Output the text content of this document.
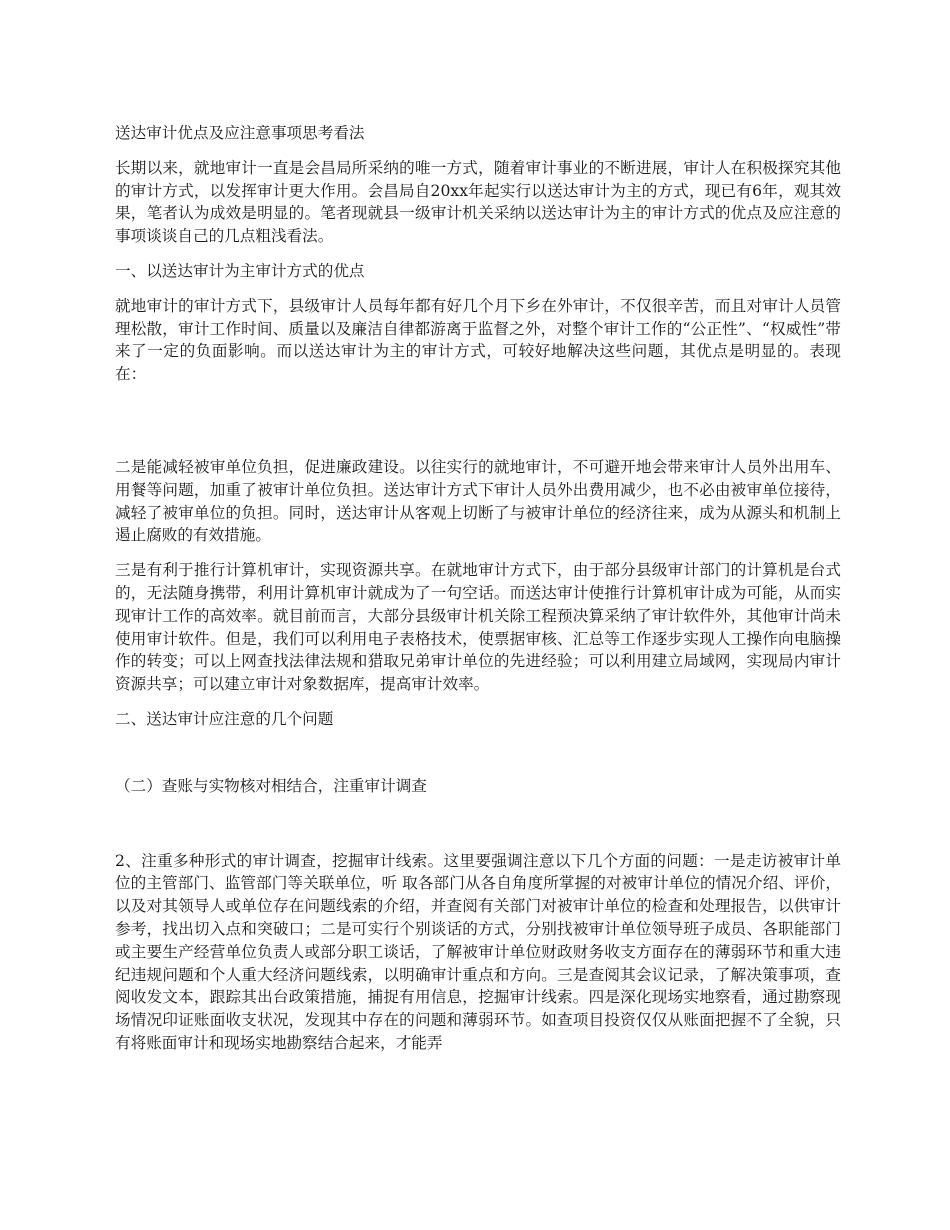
送达审计优点及应注意事项思考看法

长期以来，就地审计一直是会昌局所采纳的唯一方式，随着审计事业的不断进展，审计人在积极探究其他的审计方式，以发挥审计更大作用。会昌局自20xx年起实行以送达审计为主的方式，现已有6年，观其效果，笔者认为成效是明显的。笔者现就县一级审计机关采纳以送达审计为主的审计方式的优点及应注意的事项谈谈自己的几点粗浅看法。

一、以送达审计为主审计方式的优点

就地审计的审计方式下，县级审计人员每年都有好几个月下乡在外审计，不仅很辛苦，而且对审计人员管理松散，审计工作时间、质量以及廉洁自律都游离于监督之外，对整个审计工作的“公正性”、“权威性”带来了一定的负面影响。而以送达审计为主的审计方式，可较好地解决这些问题，其优点是明显的。表现在：

二是能减轻被审单位负担，促进廉政建设。以往实行的就地审计，不可避开地会带来审计人员外出用车、用餐等问题，加重了被审计单位负担。送达审计方式下审计人员外出费用减少，也不必由被审单位接待，减轻了被审单位的负担。同时，送达审计从客观上切断了与被审计单位的经济往来，成为从源头和机制上遏止腐败的有效措施。

三是有利于推行计算机审计，实现资源共享。在就地审计方式下，由于部分县级审计部门的计算机是台式的，无法随身携带，利用计算机审计就成为了一句空话。而送达审计使推行计算机审计成为可能，从而实现审计工作的高效率。就目前而言，大部分县级审计机关除工程预决算采纳了审计软件外，其他审计尚未使用审计软件。但是，我们可以利用电子表格技术，使票据审核、汇总等工作逐步实现人工操作向电脑操作的转变；可以上网查找法律法规和猎取兄弟审计单位的先进经验；可以利用建立局域网，实现局内审计资源共享；可以建立审计对象数据库，提高审计效率。

二、送达审计应注意的几个问题

（二）查账与实物核对相结合，注重审计调查

2、注重多种形式的审计调查，挖掘审计线索。这里要强调注意以下几个方面的问题：一是走访被审计单位的主管部门、监管部门等关联单位，听 取各部门从各自角度所掌握的对被审计单位的情况介绍、评价，以及对其领导人或单位存在问题线索的介绍，并查阅有关部门对被审计单位的检查和处理报告，以供审计参考，找出切入点和突破口；二是可实行个别谈话的方式，分别找被审计单位领导班子成员、各职能部门或主要生产经营单位负责人或部分职工谈话，了解被审计单位财政财务收支方面存在的薄弱环节和重大违纪违规问题和个人重大经济问题线索，以明确审计重点和方向。三是查阅其会议记录，了解决策事项，查阅收发文本，跟踪其出台政策措施，捕捉有用信息，挖掘审计线索。四是深化现场实地察看，通过勘察现场情况印证账面收支状况，发现其中存在的问题和薄弱环节。如查项目投资仅仅从账面把握不了全貌，只有将账面审计和现场实地勘察结合起来，才能弄
